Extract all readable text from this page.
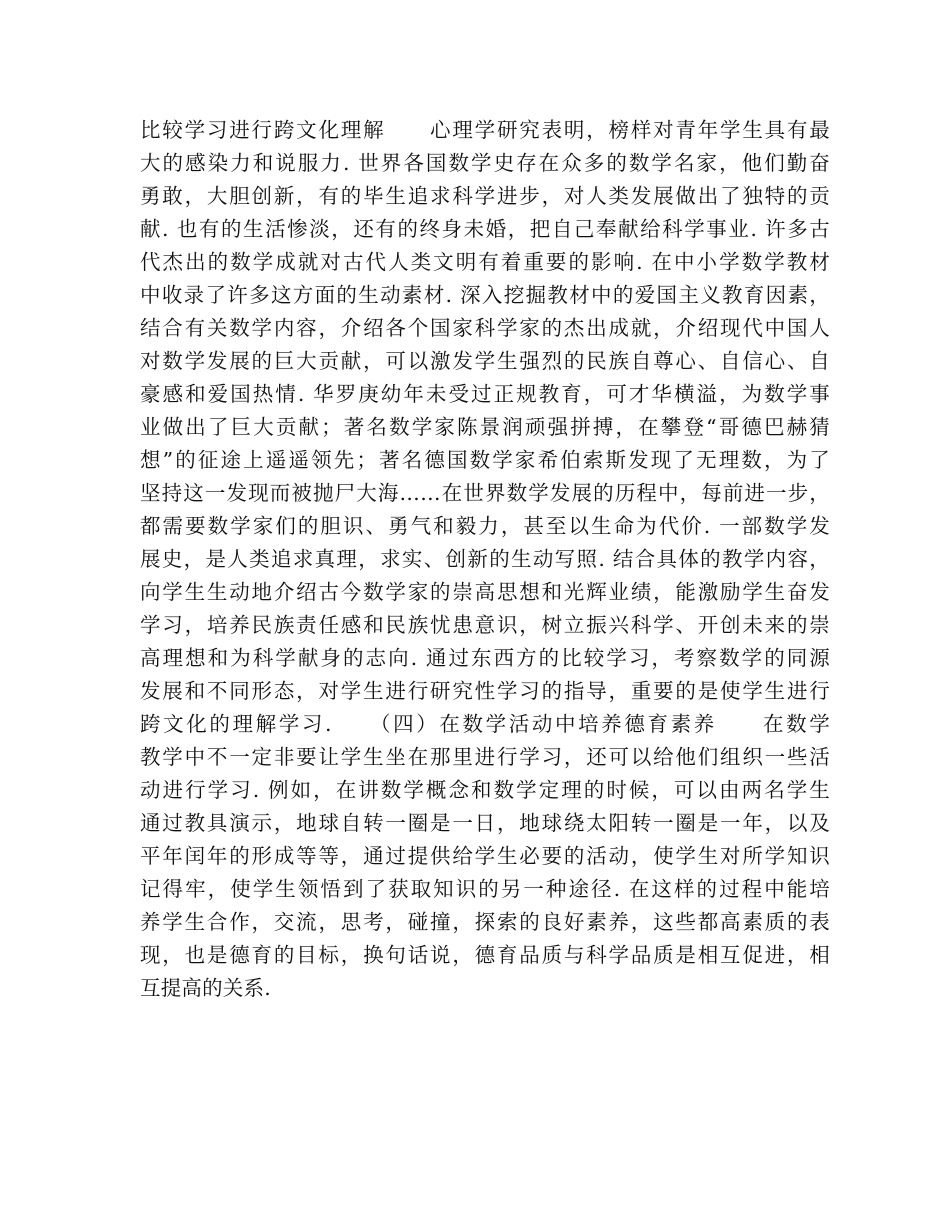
比较学习进行跨文化理解　　心理学研究表明，榜样对青年学生具有最
大的感染力和说服力. 世界各国数学史存在众多的数学名家，他们勤奋
勇敢，大胆创新，有的毕生追求科学进步，对人类发展做出了独特的贡
献. 也有的生活惨淡，还有的终身未婚，把自己奉献给科学事业. 许多古
代杰出的数学成就对古代人类文明有着重要的影响. 在中小学数学教材
中收录了许多这方面的生动素材. 深入挖掘教材中的爱国主义教育因素，
结合有关数学内容，介绍各个国家科学家的杰出成就，介绍现代中国人
对数学发展的巨大贡献，可以激发学生强烈的民族自尊心、自信心、自
豪感和爱国热情. 华罗庚幼年未受过正规教育，可才华横溢，为数学事
业做出了巨大贡献；著名数学家陈景润顽强拼搏，在攀登“哥德巴赫猜
想”的征途上遥遥领先；著名德国数学家希伯索斯发现了无理数，为了
坚持这一发现而被抛尸大海……在世界数学发展的历程中，每前进一步，
都需要数学家们的胆识、勇气和毅力，甚至以生命为代价. 一部数学发
展史，是人类追求真理，求实、创新的生动写照. 结合具体的教学内容，
向学生生动地介绍古今数学家的崇高思想和光辉业绩，能激励学生奋发
学习，培养民族责任感和民族忧患意识，树立振兴科学、开创未来的崇
高理想和为科学献身的志向. 通过东西方的比较学习，考察数学的同源
发展和不同形态，对学生进行研究性学习的指导，重要的是使学生进行
跨文化的理解学习.　　（四）在数学活动中培养德育素养　　在数学
教学中不一定非要让学生坐在那里进行学习，还可以给他们组织一些活
动进行学习. 例如，在讲数学概念和数学定理的时候，可以由两名学生
通过教具演示，地球自转一圈是一日，地球绕太阳转一圈是一年，以及
平年闰年的形成等等，通过提供给学生必要的活动，使学生对所学知识
记得牢，使学生领悟到了获取知识的另一种途径. 在这样的过程中能培
养学生合作，交流，思考，碰撞，探索的良好素养，这些都高素质的表
现，也是德育的目标，换句话说，德育品质与科学品质是相互促进，相
互提高的关系.
